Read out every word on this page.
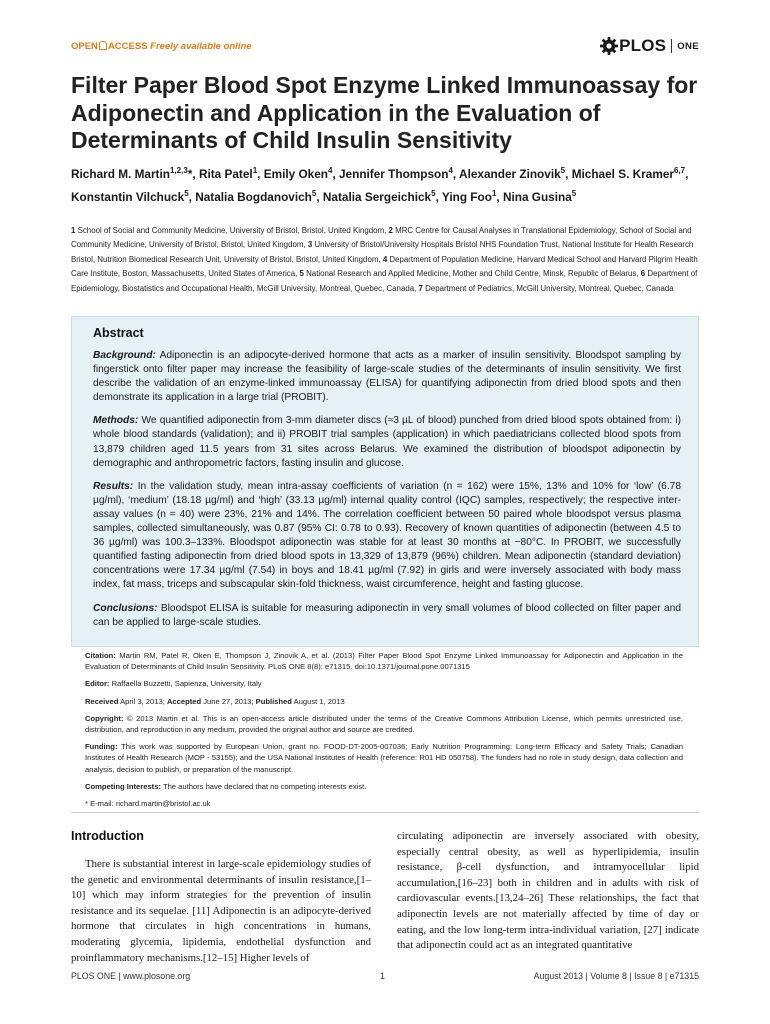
OPEN ACCESS Freely available online	PLOS ONE
Filter Paper Blood Spot Enzyme Linked Immunoassay for Adiponectin and Application in the Evaluation of Determinants of Child Insulin Sensitivity
Richard M. Martin$^{1,2,3}$*, Rita Patel$^1$, Emily Oken$^4$, Jennifer Thompson$^4$, Alexander Zinovik$^5$, Michael S. Kramer$^{6,7}$, Konstantin Vilchuck$^5$, Natalia Bogdanovich$^5$, Natalia Sergeichick$^5$, Ying Foo$^1$, Nina Gusina$^5$
1 School of Social and Community Medicine, University of Bristol, Bristol, United Kingdom, 2 MRC Centre for Causal Analyses in Translational Epidemiology, School of Social and Community Medicine, University of Bristol, Bristol, United Kingdom, 3 University of Bristol/University Hospitals Bristol NHS Foundation Trust, National Institute for Health Research Bristol, Nutrition Biomedical Research Unit, University of Bristol, Bristol, United Kingdom, 4 Department of Population Medicine, Harvard Medical School and Harvard Pilgrim Health Care Institute, Boston, Massachusetts, United States of America, 5 National Research and Applied Medicine, Mother and Child Centre, Minsk, Republic of Belarus, 6 Department of Epidemiology, Biostatistics and Occupational Health, McGill University, Montreal, Quebec, Canada, 7 Department of Pediatrics, McGill University, Montreal, Quebec, Canada
Abstract

Background: Adiponectin is an adipocyte-derived hormone that acts as a marker of insulin sensitivity. Bloodspot sampling by fingerstick onto filter paper may increase the feasibility of large-scale studies of the determinants of insulin sensitivity. We first describe the validation of an enzyme-linked immunoassay (ELISA) for quantifying adiponectin from dried blood spots and then demonstrate its application in a large trial (PROBIT).

Methods: We quantified adiponectin from 3-mm diameter discs (≈3 µL of blood) punched from dried blood spots obtained from: i) whole blood standards (validation); and ii) PROBIT trial samples (application) in which paediatricians collected blood spots from 13,879 children aged 11.5 years from 31 sites across Belarus. We examined the distribution of bloodspot adiponectin by demographic and anthropometric factors, fasting insulin and glucose.

Results: In the validation study, mean intra-assay coefficients of variation (n = 162) were 15%, 13% and 10% for ‘low’ (6.78 µg/ml), ‘medium’ (18.18 µg/ml) and ‘high’ (33.13 µg/ml) internal quality control (IQC) samples, respectively; the respective inter-assay values (n = 40) were 23%, 21% and 14%. The correlation coefficient between 50 paired whole bloodspot versus plasma samples, collected simultaneously, was 0.87 (95% CI: 0.78 to 0.93). Recovery of known quantities of adiponectin (between 4.5 to 36 µg/ml) was 100.3–133%. Bloodspot adiponectin was stable for at least 30 months at −80°C. In PROBIT, we successfully quantified fasting adiponectin from dried blood spots in 13,329 of 13,879 (96%) children. Mean adiponectin (standard deviation) concentrations were 17.34 µg/ml (7.54) in boys and 18.41 µg/ml (7.92) in girls and were inversely associated with body mass index, fat mass, triceps and subscapular skin-fold thickness, waist circumference, height and fasting glucose.

Conclusions: Bloodspot ELISA is suitable for measuring adiponectin in very small volumes of blood collected on filter paper and can be applied to large-scale studies.

Citation: Martin RM, Patel R, Oken E, Thompson J, Zinovik A, et al. (2013) Filter Paper Blood Spot Enzyme Linked Immunoassay for Adiponectin and Application in the Evaluation of Determinants of Child Insulin Sensitivity. PLoS ONE 8(8): e71315. doi:10.1371/journal.pone.0071315

Editor: Raffaella Buzzetti, Sapienza, University, Italy

Received April 3, 2013; Accepted June 27, 2013; Published August 1, 2013

Copyright: © 2013 Martin et al. This is an open-access article distributed under the terms of the Creative Commons Attribution License, which permits unrestricted use, distribution, and reproduction in any medium, provided the original author and source are credited.

Funding: This work was supported by European Union, grant no. FOOD-DT-2005-007036; Early Nutrition Programming: Long-term Efficacy and Safety Trials; Canadian Institutes of Health Research (MOP - 53155); and the USA National Institutes of Health (reference: R01 HD 050758). The funders had no role in study design, data collection and analysis, decision to publish, or preparation of the manuscript.

Competing Interests: The authors have declared that no competing interests exist.

* E-mail: richard.martin@bristol.ac.uk

Introduction

There is substantial interest in large-scale epidemiology studies of the genetic and environmental determinants of insulin resistance,[1–10] which may inform strategies for the prevention of insulin resistance and its sequelae. [11] Adiponectin is an adipocyte-derived hormone that circulates in high concentrations in humans, moderating glycemia, lipidemia, endothelial dysfunction and proinflammatory mechanisms.[12–15] Higher levels of

circulating adiponectin are inversely associated with obesity, especially central obesity, as well as hyperlipidemia, insulin resistance, β-cell dysfunction, and intramyocellular lipid accumulation,[16–23] both in children and in adults with risk of cardiovascular events.[13,24–26] These relationships, the fact that adiponectin levels are not materially affected by time of day or eating, and the low long-term intra-individual variation, [27] indicate that adiponectin could act as an integrated quantitative

PLOS ONE | www.plosone.org	1	August 2013 | Volume 8 | Issue 8 | e71315
